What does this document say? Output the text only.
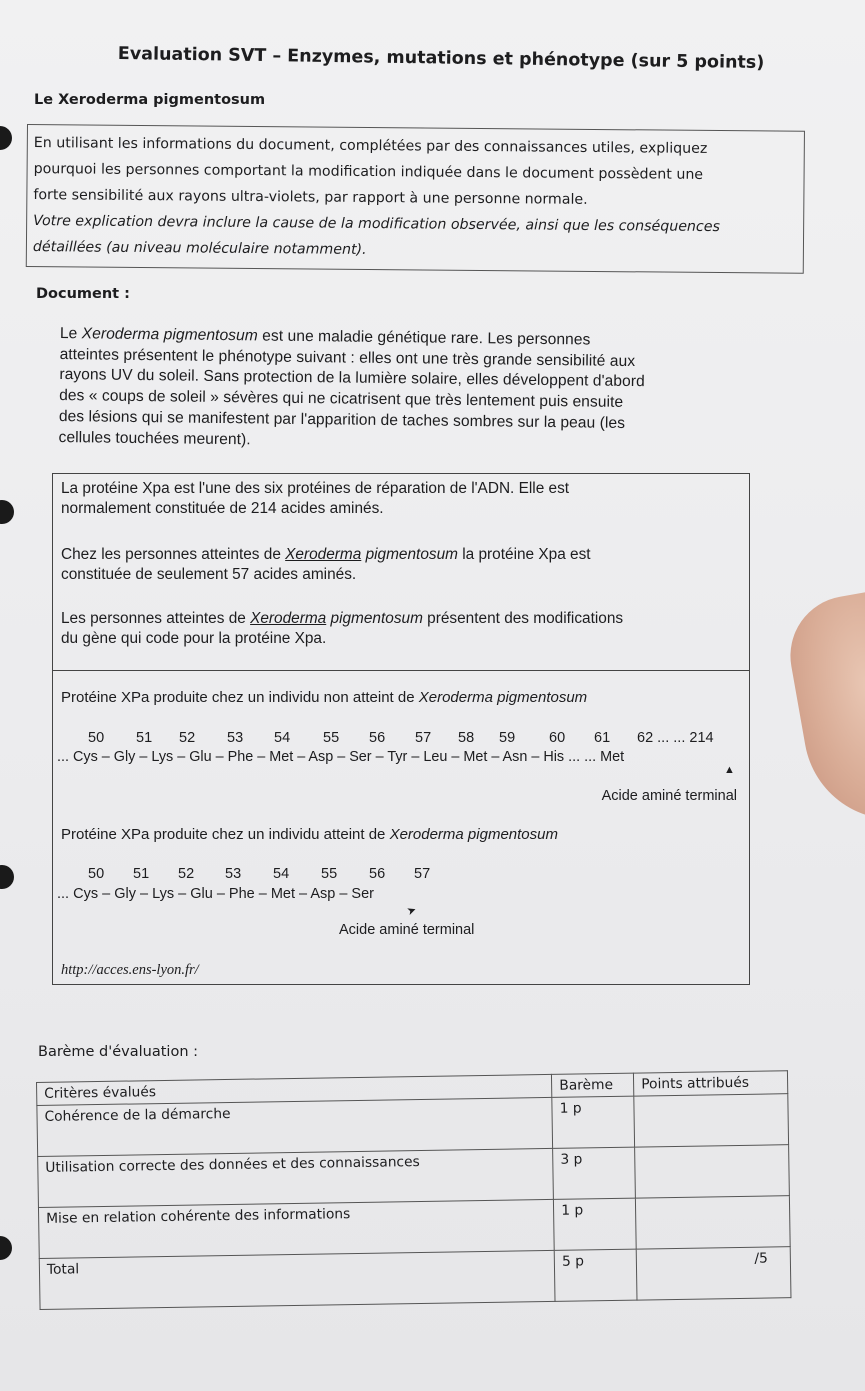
Evaluation SVT – Enzymes, mutations et phénotype (sur 5 points)
Le Xeroderma pigmentosum

En utilisant les informations du document, complétées par des connaissances utiles, expliquez

pourquoi les personnes comportant la modification indiquée dans le document possèdent une

forte sensibilité aux rayons ultra-violets, par rapport à une personne normale.

Votre explication devra inclure la cause de la modification observée, ainsi que les conséquences

détaillées (au niveau moléculaire notamment).

Document :

Le Xeroderma pigmentosum est une maladie génétique rare. Les personnes

atteintes présentent le phénotype suivant : elles ont une très grande sensibilité aux

rayons UV du soleil. Sans protection de la lumière solaire, elles développent d'abord

des « coups de soleil » sévères qui ne cicatrisent que très lentement puis ensuite

des lésions qui se manifestent par l'apparition de taches sombres sur la peau (les

cellules touchées meurent).

La protéine Xpa est l'une des six protéines de réparation de l'ADN. Elle est

normalement constituée de 214 acides aminés.

Chez les personnes atteintes de Xeroderma pigmentosum la protéine Xpa est

constituée de seulement 57 acides aminés.

Les personnes atteintes de Xeroderma pigmentosum présentent des modifications

du gène qui code pour la protéine Xpa.

Protéine XPa produite chez un individu non atteint de Xeroderma pigmentosum
50 51 52 53 54 55 56 57 58 59 60 61 62 ... ... 214
... Cys – Gly – Lys – Glu – Phe – Met – Asp – Ser – Tyr – Leu – Met – Asn – His ... ... Met
▲
Acide aminé terminal
Protéine XPa produite chez un individu atteint de Xeroderma pigmentosum
50 51 52 53 54 55 56 57
... Cys – Gly – Lys – Glu – Phe – Met – Asp – Ser
➤
Acide aminé terminal
http://acces.ens-lyon.fr/
Barème d'évaluation :
Critères évalués	Barème	Points attribués
Cohérence de la démarche	1 p	
Utilisation correcte des données et des connaissances	3 p	
Mise en relation cohérente des informations	1 p	
Total	5 p	/5
